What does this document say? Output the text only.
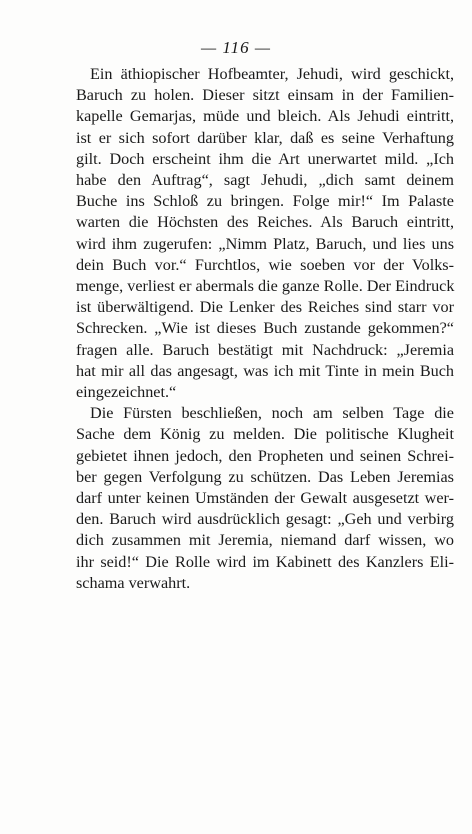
— 116 —
Ein äthiopischer Hofbeamter, Jehudi, wird geschickt,
Baruch zu holen. Dieser sitzt einsam in der Familien-
kapelle Gemarjas, müde und bleich. Als Jehudi eintritt,
ist er sich sofort darüber klar, daß es seine Verhaftung
gilt. Doch erscheint ihm die Art unerwartet mild. „Ich
habe den Auftrag“, sagt Jehudi, „dich samt deinem
Buche ins Schloß zu bringen. Folge mir!“ Im Palaste
warten die Höchsten des Reiches. Als Baruch eintritt,
wird ihm zugerufen: „Nimm Platz, Baruch, und lies uns
dein Buch vor.“ Furchtlos, wie soeben vor der Volks-
menge, verliest er abermals die ganze Rolle. Der Eindruck
ist überwältigend. Die Lenker des Reiches sind starr vor
Schrecken. „Wie ist dieses Buch zustande gekommen?“
fragen alle. Baruch bestätigt mit Nachdruck: „Jeremia
hat mir all das angesagt, was ich mit Tinte in mein Buch
eingezeichnet.“
Die Fürsten beschließen, noch am selben Tage die
Sache dem König zu melden. Die politische Klugheit
gebietet ihnen jedoch, den Propheten und seinen Schrei-
ber gegen Verfolgung zu schützen. Das Leben Jeremias
darf unter keinen Umständen der Gewalt ausgesetzt wer-
den. Baruch wird ausdrücklich gesagt: „Geh und verbirg
dich zusammen mit Jeremia, niemand darf wissen, wo
ihr seid!“ Die Rolle wird im Kabinett des Kanzlers Eli-
schama verwahrt.
